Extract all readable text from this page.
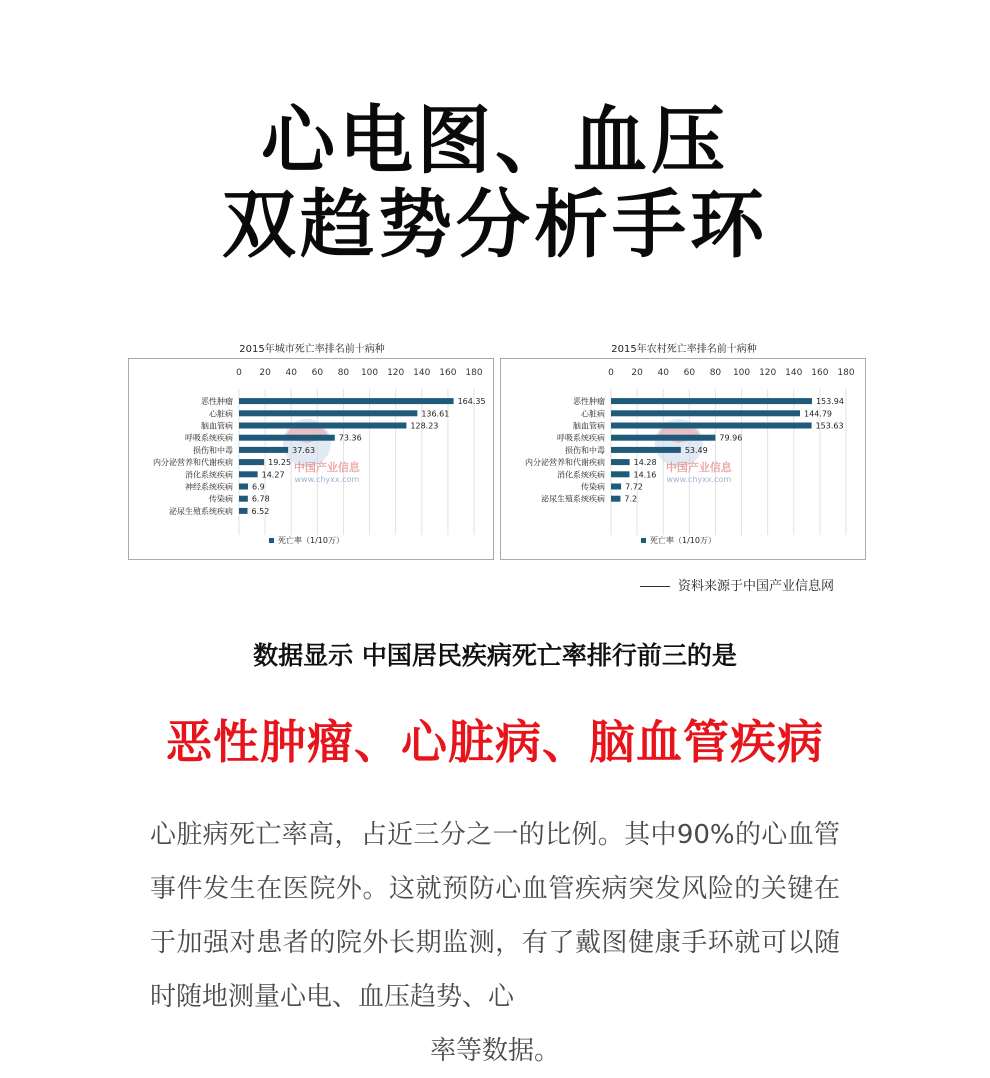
心电图、血压
双趋势分析手环
2015年城市死亡率排名前十病种
0 20 40 60 80 100 120 140 160 180
中国产业信息
www.chyxx.com
恶性肿瘤	164.35
心脏病	136.61
脑血管病	128.23
呼吸系统疾病	73.36
损伤和中毒	37.63
内分泌营养和代谢疾病	19.25
消化系统疾病	14.27
神经系统疾病 6.9
传染病 6.78
泌尿生殖系统疾病 6.52
死亡率（1/10万）
2015年农村死亡率排名前十病种
0 20 40 60 80 100 120 140 160 180
中国产业信息
www.chyxx.com
恶性肿瘤	153.94
心脏病	144.79
脑血管病	153.63
呼吸系统疾病	79.96
损伤和中毒	53.49
内分泌营养和代谢疾病	14.28
消化系统疾病	14.16
传染病	7.72
泌尿生殖系统疾病 7.2
死亡率（1/10万）
资料来源于中国产业信息网
数据显示 中国居民疾病死亡率排行前三的是
恶性肿瘤、心脏病、脑血管疾病
心脏病死亡率高，占近三分之一的比例。其中90%的心血管事件发生在医院外。这就预防心血管疾病突发风险的关键在于加强对患者的院外长期监测，有了戴图健康手环就可以随时随地测量心电、血压趋势、心
率等数据。
